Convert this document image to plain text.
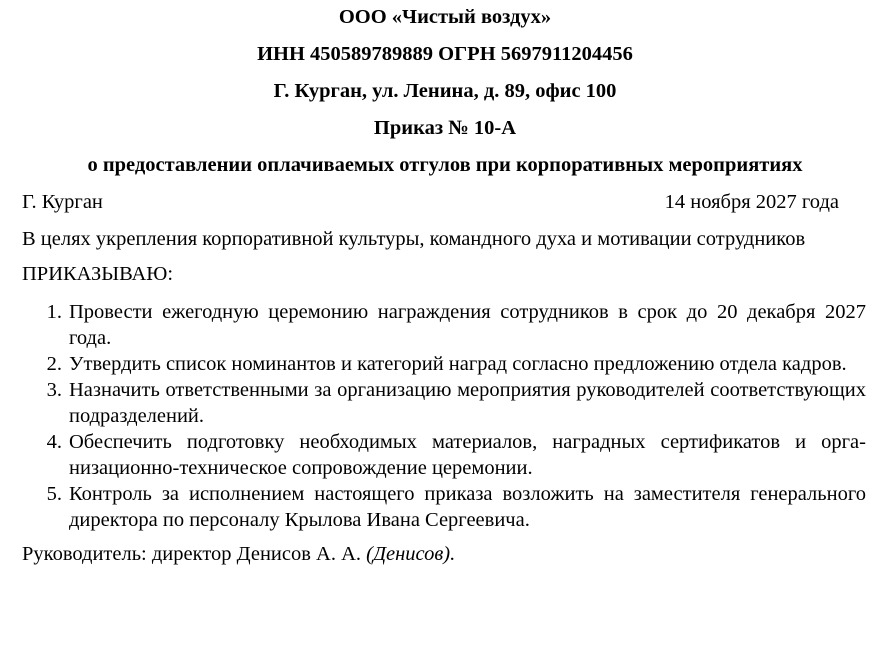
ООО «Чистый воздух»
ИНН 450589789889 ОГРН 5697911204456
Г. Курган, ул. Ленина, д. 89, офис 100
Приказ № 10-А
о предоставлении оплачиваемых отгулов при корпоративных мероприятиях
Г. Курган	14 ноября 2027 года
В целях укрепления корпоративной культуры, командного духа и мотивации сотрудников
ПРИКАЗЫВАЮ:
1. Провести ежегодную церемонию награждения сотрудников в срок до 20 декабря 2027 года.
2. Утвердить список номинантов и категорий наград согласно предложению отдела кадров.
3. Назначить ответственными за организацию мероприятия руководителей соответствующих подразделений.
4. Обеспечить подготовку необходимых материалов, наградных сертификатов и организационно-техническое сопровождение церемонии.
5. Контроль за исполнением настоящего приказа возложить на заместителя генерального директора по персоналу Крылова Ивана Сергеевича.
Руководитель: директор Денисов А. А. (Денисов).
